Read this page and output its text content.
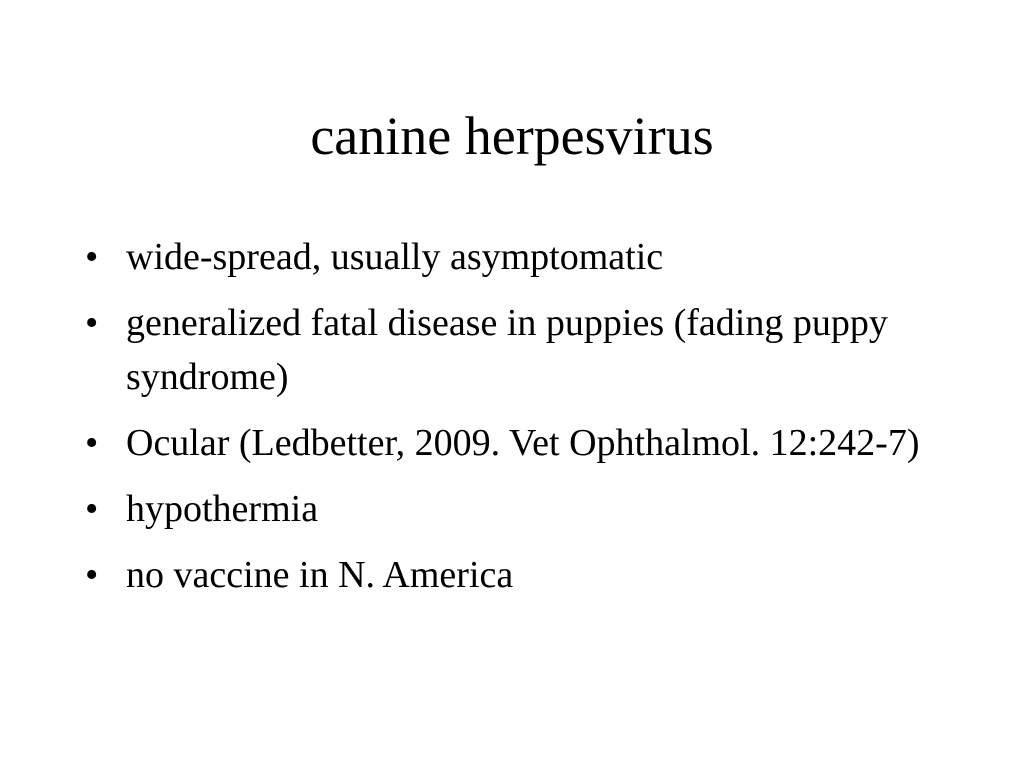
canine herpesvirus
• wide-spread, usually asymptomatic
• generalized fatal disease in puppies (fading puppy syndrome)
• Ocular (Ledbetter, 2009. Vet Ophthalmol. 12:242-7)
• hypothermia
• no vaccine in N. America
